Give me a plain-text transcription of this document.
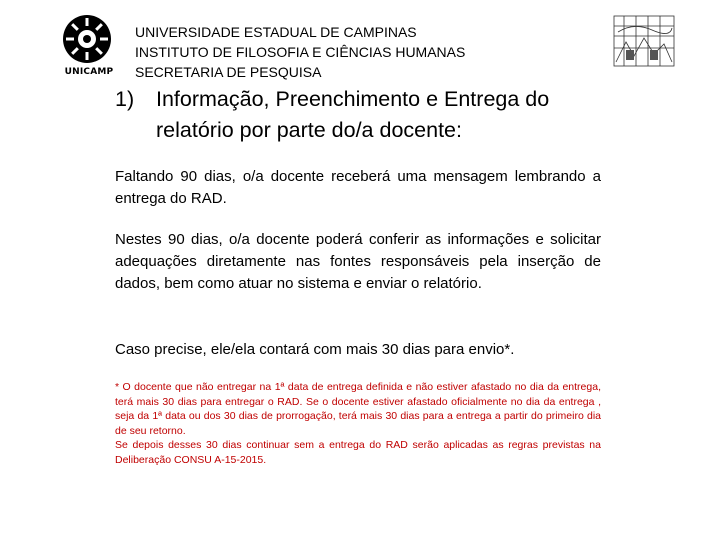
UNICAMP
UNIVERSIDADE ESTADUAL DE CAMPINAS
INSTITUTO DE FILOSOFIA E CIÊNCIAS HUMANAS
SECRETARIA DE PESQUISA
1) Informação, Preenchimento e Entrega do relatório por parte do/a docente:
Faltando 90 dias, o/a docente receberá uma mensagem lembrando a entrega do RAD.
Nestes 90 dias, o/a docente poderá conferir as informações e solicitar adequações diretamente nas fontes responsáveis pela inserção de dados, bem como atuar no sistema e enviar o relatório.
Caso precise, ele/ela contará com mais 30 dias para envio*.

* O docente que não entregar na 1ª data de entrega definida e não estiver afastado no dia da entrega, terá mais 30 dias para entregar o RAD. Se o docente estiver afastado oficialmente no dia da entrega , seja da 1ª data ou dos 30 dias de prorrogação, terá mais 30 dias para a entrega a partir do primeiro dia de seu retorno.

Se depois desses 30 dias continuar sem a entrega do RAD serão aplicadas as regras previstas na Deliberação CONSU A-15-2015.
